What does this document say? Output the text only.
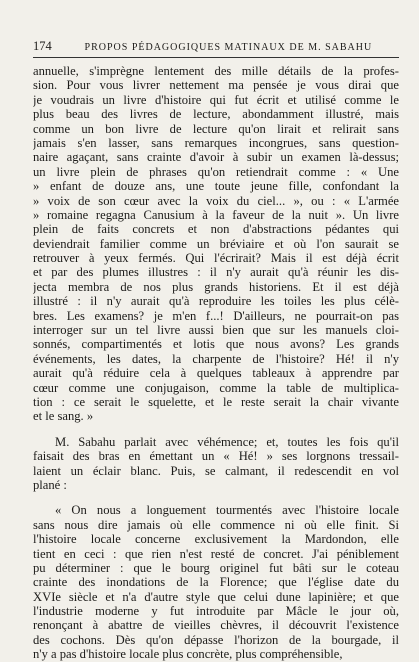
174	PROPOS PÉDAGOGIQUES MATINAUX DE M. SABAHU
annuelle, s'imprègne lentement des mille détails de la profes-
sion. Pour vous livrer nettement ma pensée je vous dirai que
je voudrais un livre d'histoire qui fut écrit et utilisé comme le
plus beau des livres de lecture, abondamment illustré, mais
comme un bon livre de lecture qu'on lirait et relirait sans
jamais s'en lasser, sans remarques incongrues, sans question-
naire agaçant, sans crainte d'avoir à subir un examen là-dessus;
un livre plein de phrases qu'on retiendrait comme : « Une
» enfant de douze ans, une toute jeune fille, confondant la
» voix de son cœur avec la voix du ciel... », ou : « L'armée
» romaine regagna Canusium à la faveur de la nuit ». Un livre
plein de faits concrets et non d'abstractions pédantes qui
deviendrait familier comme un bréviaire et où l'on saurait se
retrouver à yeux fermés. Qui l'écrirait? Mais il est déjà écrit
et par des plumes illustres : il n'y aurait qu'à réunir les dis-
jecta membra de nos plus grands historiens. Et il est déjà
illustré : il n'y aurait qu'à reproduire les toiles les plus célè-
bres. Les examens? je m'en f...! D'ailleurs, ne pourrait-on pas
interroger sur un tel livre aussi bien que sur les manuels cloi-
sonnés, compartimentés et lotis que nous avons? Les grands
événements, les dates, la charpente de l'histoire? Hé! il n'y
aurait qu'à réduire cela à quelques tableaux à apprendre par
cœur comme une conjugaison, comme la table de multiplica-
tion : ce serait le squelette, et le reste serait la chair vivante
et le sang. »
M. Sabahu parlait avec véhémence; et, toutes les fois qu'il
faisait des bras en émettant un « Hé! » ses lorgnons tressail-
laient un éclair blanc. Puis, se calmant, il redescendit en vol
plané :
« On nous a longuement tourmentés avec l'histoire locale
sans nous dire jamais où elle commence ni où elle finit. Si
l'histoire locale concerne exclusivement la Mardondon, elle
tient en ceci : que rien n'est resté de concret. J'ai péniblement
pu déterminer : que le bourg originel fut bâti sur le coteau
crainte des inondations de la Florence; que l'église date du
XVIe siècle et n'a d'autre style que celui dune lapinière; et que
l'industrie moderne y fut introduite par Mâcle le jour où,
renonçant à abattre de vieilles chèvres, il découvrit l'existence
des cochons. Dès qu'on dépasse l'horizon de la bourgade, il
n'y a pas d'histoire locale plus concrète, plus compréhensible,
